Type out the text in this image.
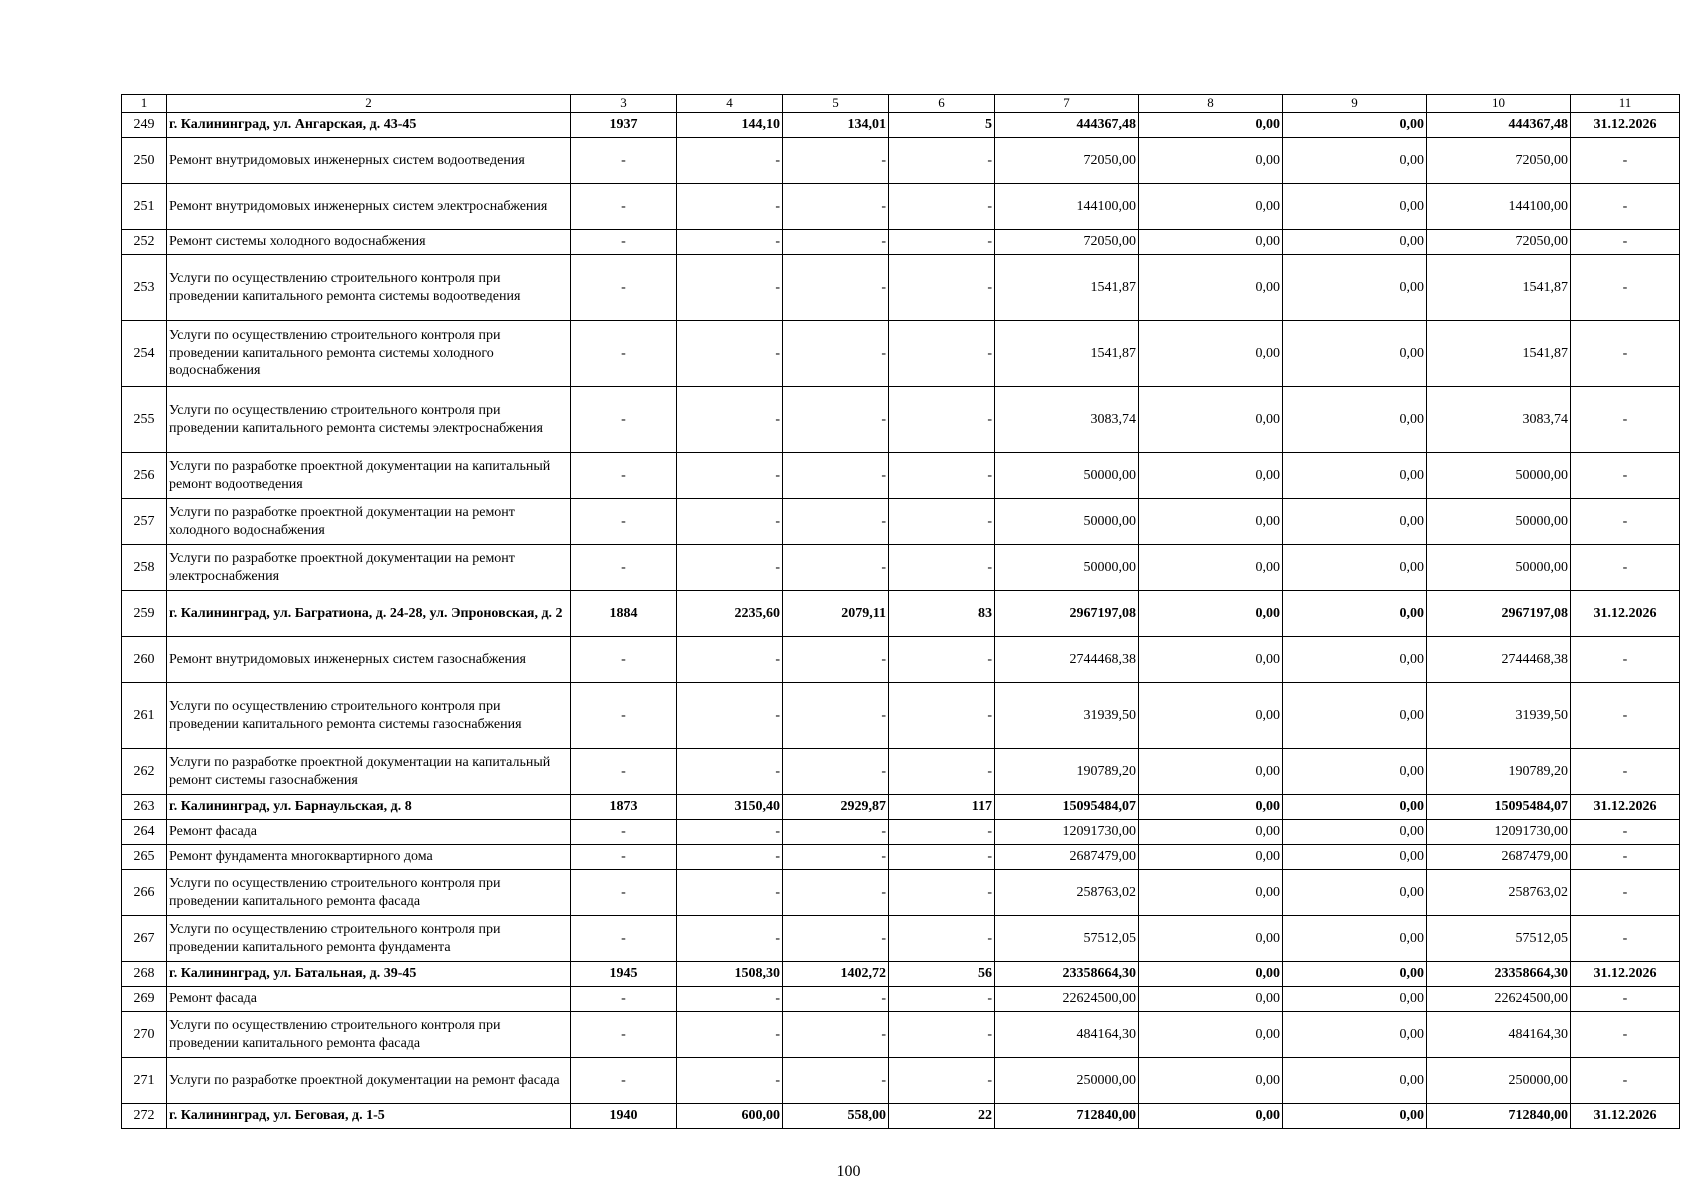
1	2	3	4	5	6	7	8	9	10	11
249	г. Калининград, ул. Ангарская, д. 43-45	1937	144,10	134,01	5	444367,48	0,00	0,00	444367,48	31.12.2026
250	Ремонт внутридомовых инженерных систем водоотведения	-	-	-	-	72050,00	0,00	0,00	72050,00	-
251	Ремонт внутридомовых инженерных систем электроснабжения	-	-	-	-	144100,00	0,00	0,00	144100,00	-
252	Ремонт системы холодного водоснабжения	-	-	-	-	72050,00	0,00	0,00	72050,00	-
253	Услуги по осуществлению строительного контроля при проведении капитального ремонта системы водоотведения	-	-	-	-	1541,87	0,00	0,00	1541,87	-
254	Услуги по осуществлению строительного контроля при проведении капитального ремонта системы холодного водоснабжения	-	-	-	-	1541,87	0,00	0,00	1541,87	-
255	Услуги по осуществлению строительного контроля при проведении капитального ремонта системы электроснабжения	-	-	-	-	3083,74	0,00	0,00	3083,74	-
256	Услуги по разработке проектной документации на капитальный ремонт водоотведения	-	-	-	-	50000,00	0,00	0,00	50000,00	-
257	Услуги по разработке проектной документации на ремонт холодного водоснабжения	-	-	-	-	50000,00	0,00	0,00	50000,00	-
258	Услуги по разработке проектной документации на ремонт электроснабжения	-	-	-	-	50000,00	0,00	0,00	50000,00	-
259	г. Калининград, ул. Багратиона, д. 24-28, ул. Эпроновская, д. 2	1884	2235,60	2079,11	83	2967197,08	0,00	0,00	2967197,08	31.12.2026
260	Ремонт внутридомовых инженерных систем газоснабжения	-	-	-	-	2744468,38	0,00	0,00	2744468,38	-
261	Услуги по осуществлению строительного контроля при проведении капитального ремонта системы газоснабжения	-	-	-	-	31939,50	0,00	0,00	31939,50	-
262	Услуги по разработке проектной документации на капитальный ремонт системы газоснабжения	-	-	-	-	190789,20	0,00	0,00	190789,20	-
263	г. Калининград, ул. Барнаульская, д. 8	1873	3150,40	2929,87	117	15095484,07	0,00	0,00	15095484,07	31.12.2026
264	Ремонт фасада	-	-	-	-	12091730,00	0,00	0,00	12091730,00	-
265	Ремонт фундамента многоквартирного дома	-	-	-	-	2687479,00	0,00	0,00	2687479,00	-
266	Услуги по осуществлению строительного контроля при проведении капитального ремонта фасада	-	-	-	-	258763,02	0,00	0,00	258763,02	-
267	Услуги по осуществлению строительного контроля при проведении капитального ремонта фундамента	-	-	-	-	57512,05	0,00	0,00	57512,05	-
268	г. Калининград, ул. Батальная, д. 39-45	1945	1508,30	1402,72	56	23358664,30	0,00	0,00	23358664,30	31.12.2026
269	Ремонт фасада	-	-	-	-	22624500,00	0,00	0,00	22624500,00	-
270	Услуги по осуществлению строительного контроля при проведении капитального ремонта фасада	-	-	-	-	484164,30	0,00	0,00	484164,30	-
271	Услуги по разработке проектной документации на ремонт фасада	-	-	-	-	250000,00	0,00	0,00	250000,00	-
272	г. Калининград, ул. Беговая, д. 1-5	1940	600,00	558,00	22	712840,00	0,00	0,00	712840,00	31.12.2026
100
